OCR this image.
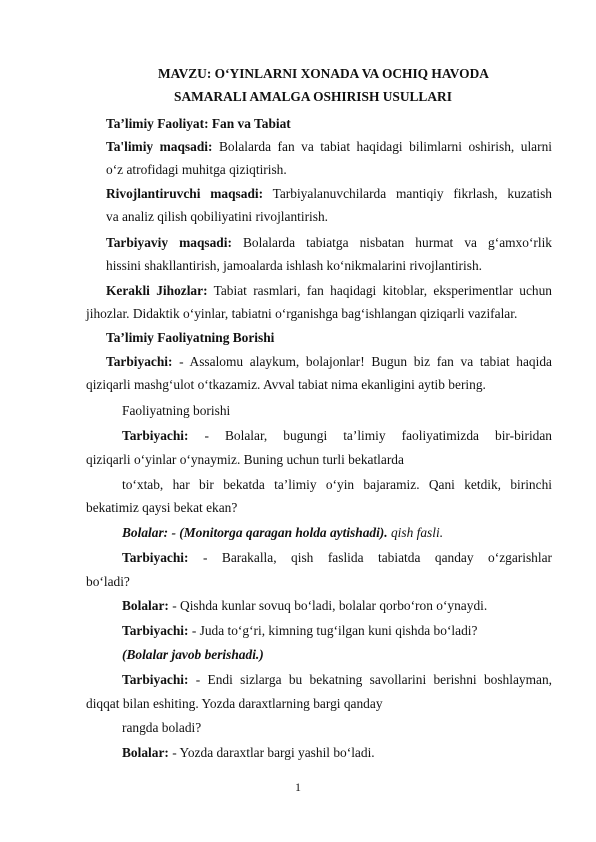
MAVZU: O‘YINLARNI XONADA VA OCHIQ HAVODA
SAMARALI AMALGA OSHIRISH USULLARI
Ta’limiy Faoliyat: Fan va Tabiat
Ta'limiy maqsadi: Bolalarda fan va tabiat haqidagi bilimlarni oshirish, ularni
o‘z atrofidagi muhitga qiziqtirish.
Rivojlantiruvchi maqsadi: Tarbiyalanuvchilarda mantiqiy fikrlash, kuzatish
va analiz qilish qobiliyatini rivojlantirish.
Tarbiyaviy maqsadi: Bolalarda tabiatga nisbatan hurmat va g‘amxo‘rlik
hissini shakllantirish, jamoalarda ishlash ko‘nikmalarini rivojlantirish.
Kerakli Jihozlar: Tabiat rasmlari, fan haqidagi kitoblar, eksperimentlar uchun
jihozlar. Didaktik o‘yinlar, tabiatni o‘rganishga bag‘ishlangan qiziqarli vazifalar.
Ta’limiy Faoliyatning Borishi
Tarbiyachi: - Assalomu alaykum, bolajonlar! Bugun biz fan va tabiat haqida
qiziqarli mashg‘ulot o‘tkazamiz. Avval tabiat nima ekanligini aytib bering.
Faoliyatning borishi
Tarbiyachi: - Bolalar, bugungi ta’limiy faoliyatimizda bir-biridan
qiziqarli o‘yinlar o‘ynaymiz. Buning uchun turli bekatlarda
to‘xtab, har bir bekatda ta’limiy o‘yin bajaramiz. Qani ketdik, birinchi
bekatimiz qaysi bekat ekan?
Bolalar: - (Monitorga qaragan holda aytishadi). qish fasli.
Tarbiyachi: - Barakalla, qish faslida tabiatda qanday o‘zgarishlar
bo‘ladi?
Bolalar: - Qishda kunlar sovuq bo‘ladi, bolalar qorbo‘ron o‘ynaydi.
Tarbiyachi: - Juda to‘g‘ri, kimning tug‘ilgan kuni qishda bo‘ladi?
(Bolalar javob berishadi.)
Tarbiyachi: - Endi sizlarga bu bekatning savollarini berishni boshlayman,
diqqat bilan eshiting. Yozda daraxtlarning bargi qanday
rangda boladi?
Bolalar: - Yozda daraxtlar bargi yashil bo‘ladi.
1
